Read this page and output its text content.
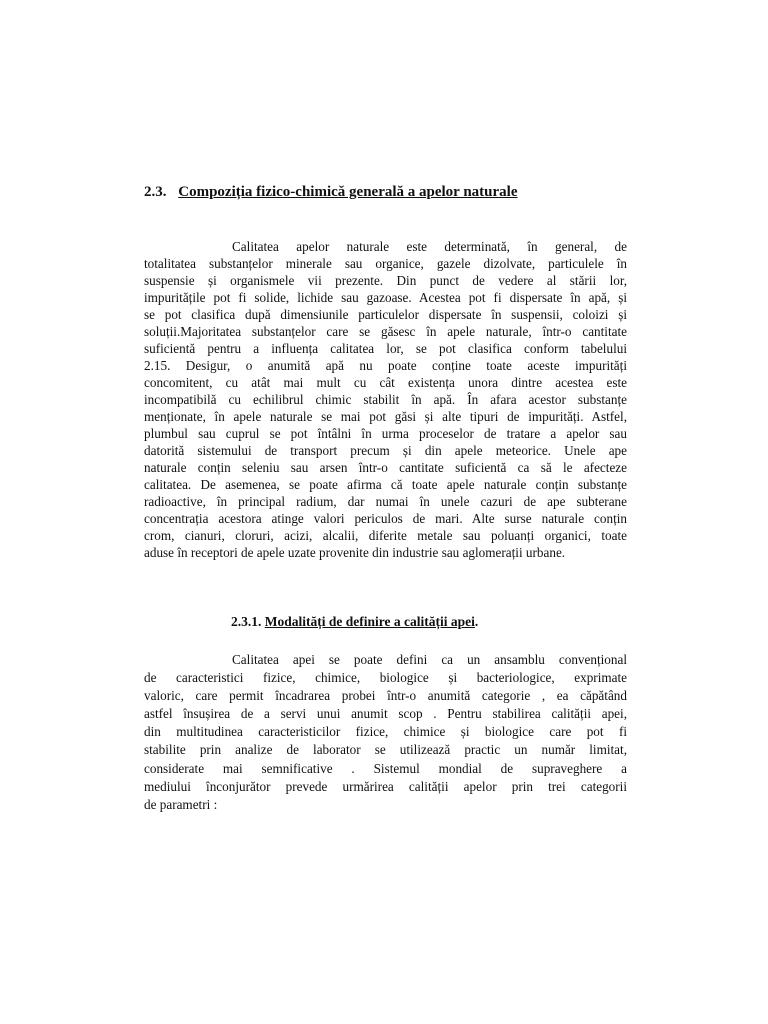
2.3. Compoziția fizico-chimică generală a apelor naturale
Calitatea apelor naturale este determinată, în general, de
totalitatea substanțelor minerale sau organice, gazele dizolvate, particulele în
suspensie și organismele vii prezente. Din punct de vedere al stării lor,
impuritățile pot fi solide, lichide sau gazoase. Acestea pot fi dispersate în apă, și
se pot clasifica după dimensiunile particulelor dispersate în suspensii, coloizi și
soluții.Majoritatea substanțelor care se găsesc în apele naturale, într-o cantitate
suficientă pentru a influența calitatea lor, se pot clasifica conform tabelului
2.15. Desigur, o anumită apă nu poate conține toate aceste impurități
concomitent, cu atât mai mult cu cât existența unora dintre acestea este
incompatibilă cu echilibrul chimic stabilit în apă. În afara acestor substanțe
menționate, în apele naturale se mai pot găsi și alte tipuri de impurități. Astfel,
plumbul sau cuprul se pot întâlni în urma proceselor de tratare a apelor sau
datorită sistemului de transport precum și din apele meteorice. Unele ape
naturale conțin seleniu sau arsen într-o cantitate suficientă ca să le afecteze
calitatea. De asemenea, se poate afirma că toate apele naturale conțin substanțe
radioactive, în principal radium, dar numai în unele cazuri de ape subterane
concentrația acestora atinge valori periculos de mari. Alte surse naturale conțin
crom, cianuri, cloruri, acizi, alcalii, diferite metale sau poluanți organici, toate
aduse în receptori de apele uzate provenite din industrie sau aglomerații urbane.
2.3.1. Modalități de definire a calității apei.
Calitatea apei se poate defini ca un ansamblu convențional
de caracteristici fizice, chimice, biologice și bacteriologice, exprimate
valoric, care permit încadrarea probei într-o anumită categorie , ea căpătând
astfel însușirea de a servi unui anumit scop . Pentru stabilirea calității apei,
din multitudinea caracteristicilor fizice, chimice și biologice care pot fi
stabilite prin analize de laborator se utilizează practic un număr limitat,
considerate mai semnificative . Sistemul mondial de supraveghere a
mediului înconjurător prevede urmărirea calității apelor prin trei categorii
de parametri :
